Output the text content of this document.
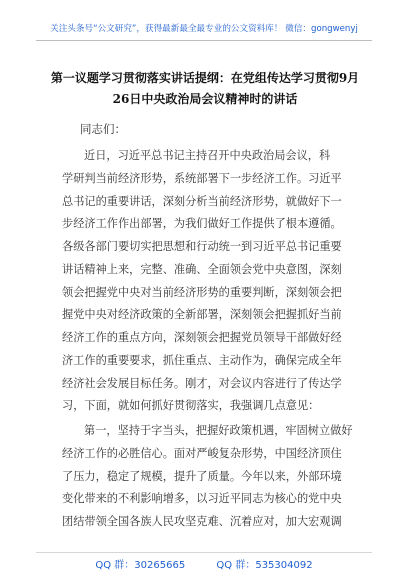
关注头条号“公文研究”，获得最新最全最专业的公文资料库！ 微信：gongwenyj
第一议题学习贯彻落实讲话提纲：在党组传达学习贯彻9月
26日中央政治局会议精神时的讲话
同志们：
近日，习近平总书记主持召开中央政治局会议，科
学研判当前经济形势，系统部署下一步经济工作。习近平
总书记的重要讲话，深刻分析当前经济形势，就做好下一
步经济工作作出部署，为我们做好工作提供了根本遵循。
各级各部门要切实把思想和行动统一到习近平总书记重要
讲话精神上来，完整、准确、全面领会党中央意图，深刻
领会把握党中央对当前经济形势的重要判断，深刻领会把
握党中央对经济政策的全新部署，深刻领会把握抓好当前
经济工作的重点方向，深刻领会把握党员领导干部做好经
济工作的重要要求，抓住重点、主动作为，确保完成全年
经济社会发展目标任务。刚才，对会议内容进行了传达学
习，下面，就如何抓好贯彻落实，我强调几点意见：
第一，坚持于字当头，把握好政策机遇，牢固树立做好
经济工作的必胜信心。面对严峻复杂形势，中国经济顶住
了压力，稳定了规模，提升了质量。今年以来，外部环境
变化带来的不利影响增多，以习近平同志为核心的党中央
团结带领全国各族人民攻坚克难、沉着应对，加大宏观调
QQ 群：30265665	QQ 群：535304092
